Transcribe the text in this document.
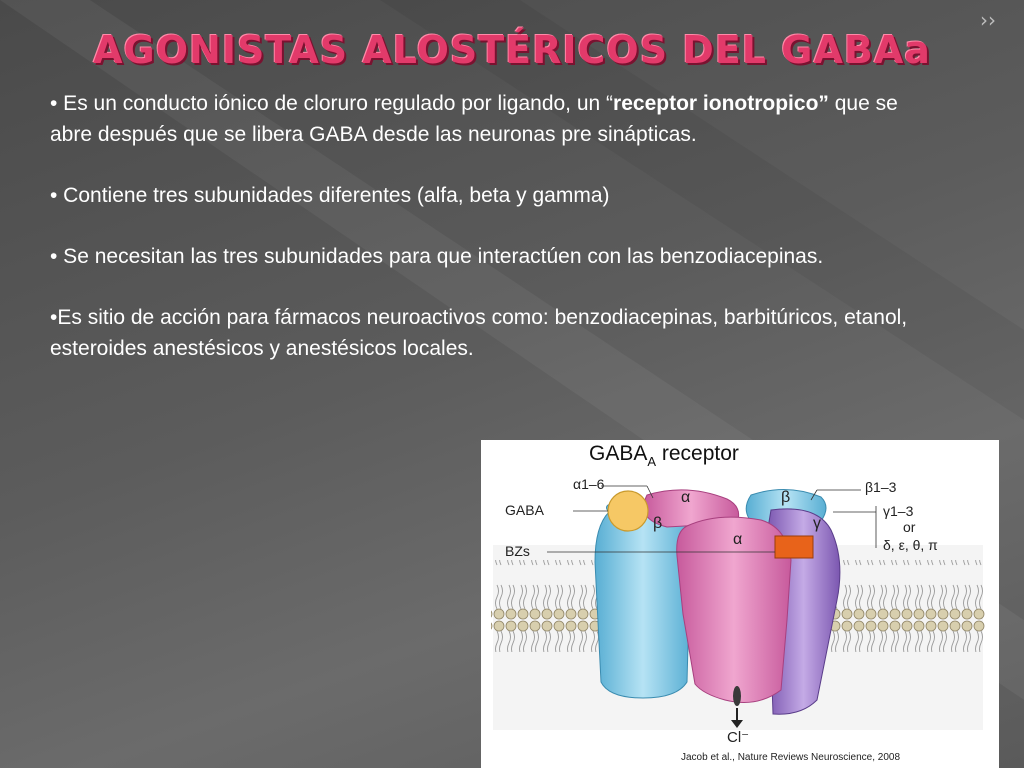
››
AGONISTAS ALOSTÉRICOS DEL GABAa
• Es un conducto iónico de cloruro regulado por ligando, un “receptor ionotropico” que se abre después que se libera GABA desde las neuronas pre sinápticas.
• Contiene tres subunidades diferentes (alfa, beta y gamma)
• Se necesitan las tres subunidades para que interactúen con las benzodiacepinas.
•Es sitio de acción para fármacos neuroactivos como: benzodiacepinas, barbitúricos, etanol, esteroides anestésicos y anestésicos locales.
$GABA_A$ receptor
α
β
β
γ
α
α1–6
GABA
BZs
β1–3
γ1–3
or
δ, ε, θ, π
Cl⁻
Jacob et al., Nature Reviews Neuroscience, 2008
